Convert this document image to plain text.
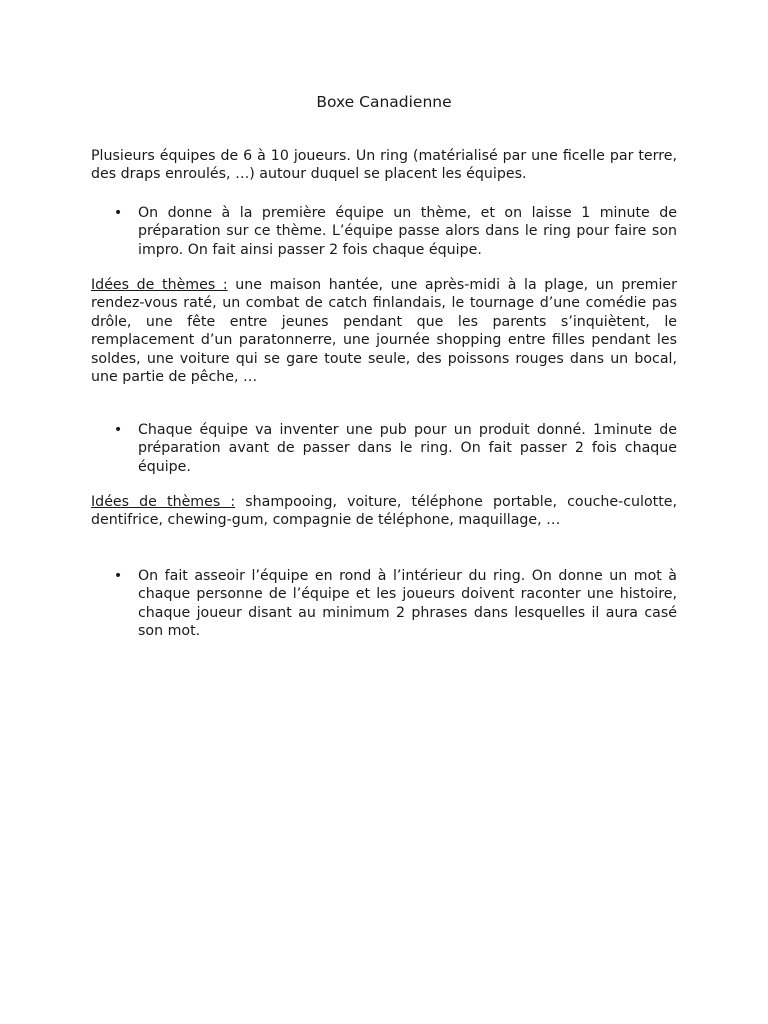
Boxe Canadienne

Plusieurs équipes de 6 à 10 joueurs. Un ring (matérialisé par une ficelle par terre, des draps enroulés, …) autour duquel se placent les équipes.

• On donne à la première équipe un thème, et on laisse 1 minute de préparation sur ce thème. L’équipe passe alors dans le ring pour faire son impro. On fait ainsi passer 2 fois chaque équipe.

Idées de thèmes : une maison hantée, une après-midi à la plage, un premier rendez-vous raté, un combat de catch finlandais, le tournage d’une comédie pas drôle, une fête entre jeunes pendant que les parents s’inquiètent, le remplacement d’un paratonnerre, une journée shopping entre filles pendant les soldes, une voiture qui se gare toute seule, des poissons rouges dans un bocal, une partie de pêche, …

• Chaque équipe va inventer une pub pour un produit donné. 1minute de préparation avant de passer dans le ring. On fait passer 2 fois chaque équipe.

Idées de thèmes : shampooing, voiture, téléphone portable, couche-culotte, dentifrice, chewing-gum, compagnie de téléphone, maquillage, …

• On fait asseoir l’équipe en rond à l’intérieur du ring. On donne un mot à chaque personne de l’équipe et les joueurs doivent raconter une histoire, chaque joueur disant au minimum 2 phrases dans lesquelles il aura casé son mot.
